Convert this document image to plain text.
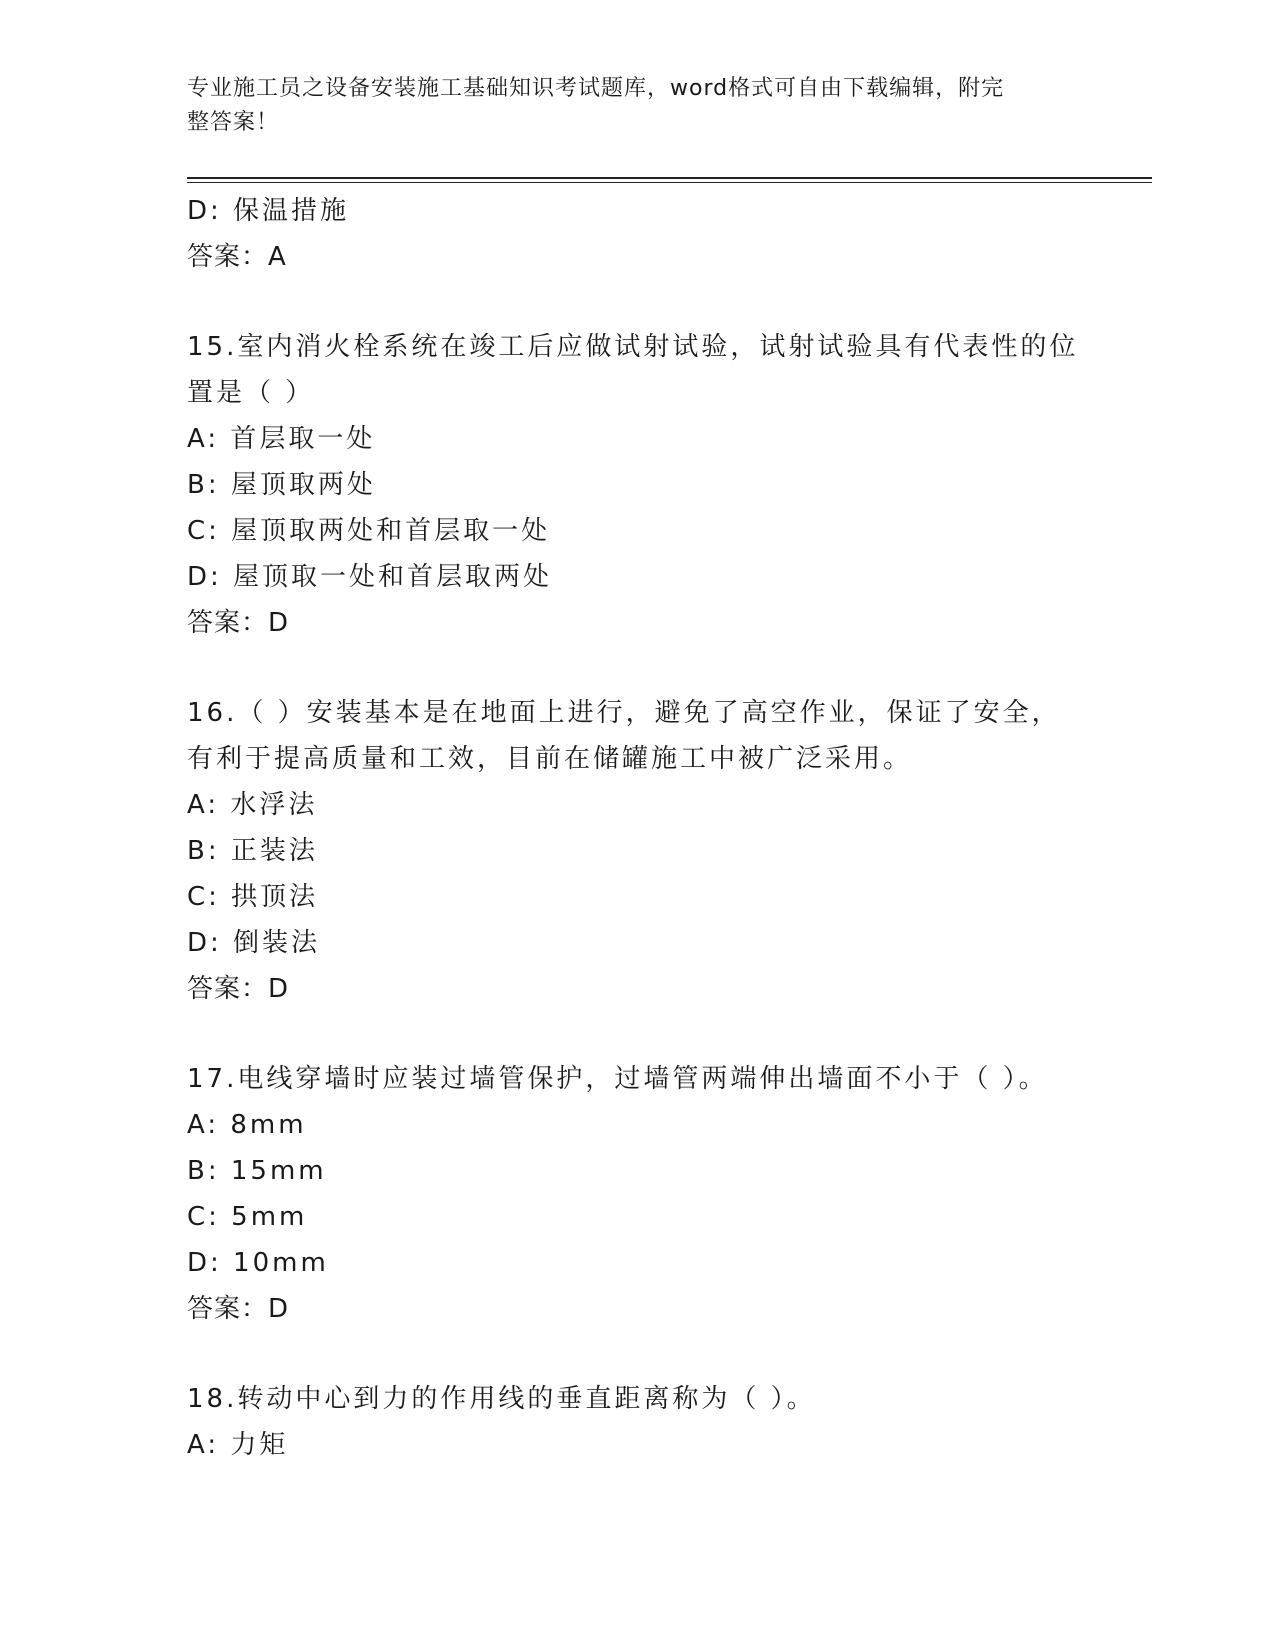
专业施工员之设备安装施工基础知识考试题库，word格式可自由下载编辑，附完
整答案！
D: 保温措施
答案：A
15.室内消火栓系统在竣工后应做试射试验，试射试验具有代表性的位
置是（ ）
A: 首层取一处
B: 屋顶取两处
C: 屋顶取两处和首层取一处
D: 屋顶取一处和首层取两处
答案：D
16.（ ）安装基本是在地面上进行，避免了高空作业，保证了安全，
有利于提高质量和工效，目前在储罐施工中被广泛采用。
A: 水浮法
B: 正装法
C: 拱顶法
D: 倒装法
答案：D
17.电线穿墙时应装过墙管保护，过墙管两端伸出墙面不小于（ ）。
A: 8mm
B: 15mm
C: 5mm
D: 10mm
答案：D
18.转动中心到力的作用线的垂直距离称为（ ）。
A: 力矩
